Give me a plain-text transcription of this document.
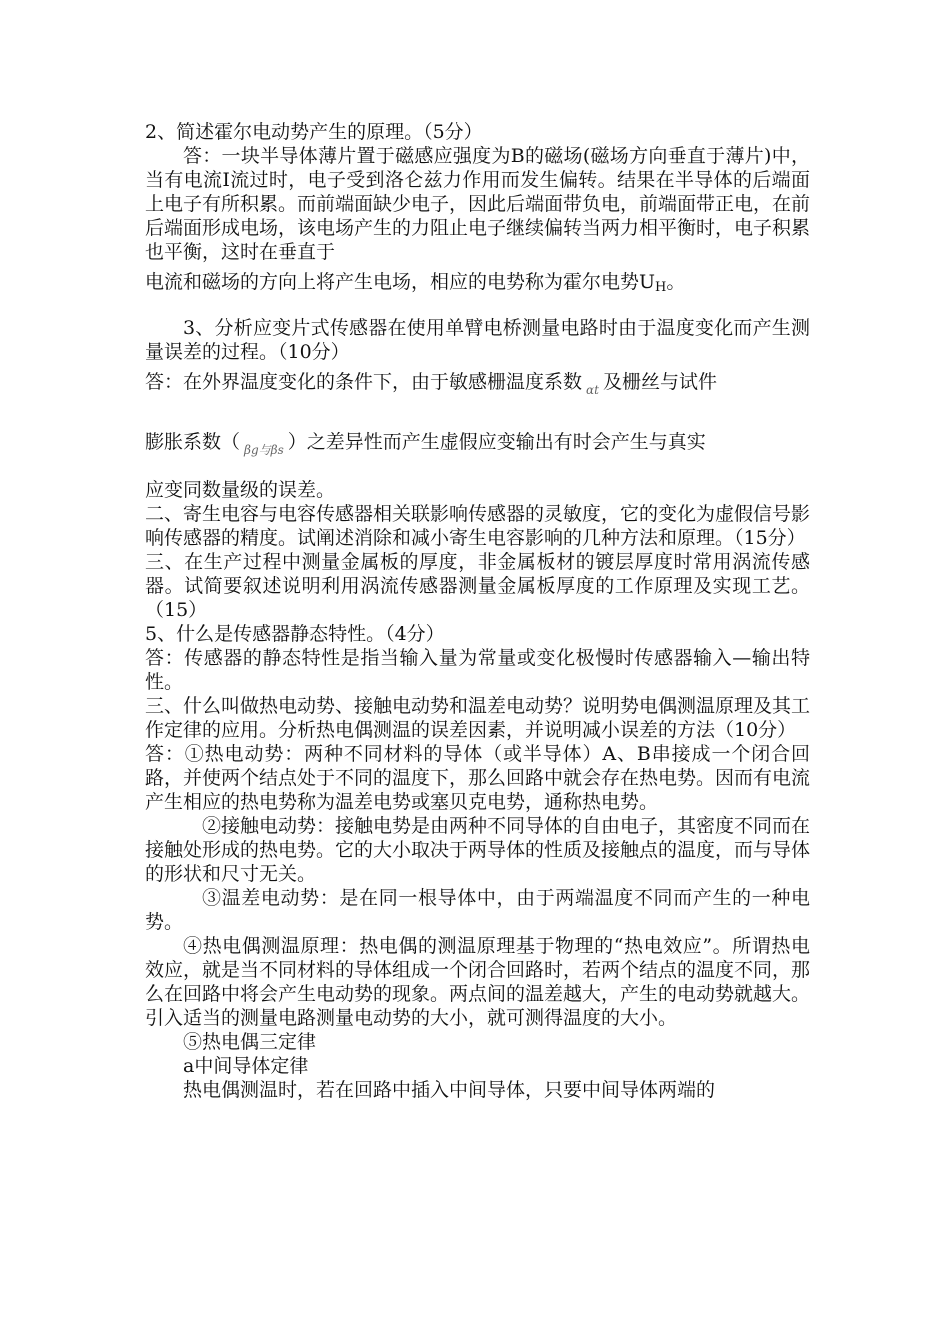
2、简述霍尔电动势产生的原理。（5分）

答：一块半导体薄片置于磁感应强度为B的磁场(磁场方向垂直于薄片)中，当有电流I流过时，电子受到洛仑兹力作用而发生偏转。结果在半导体的后端面上电子有所积累。而前端面缺少电子，因此后端面带负电，前端面带正电，在前后端面形成电场，该电场产生的力阻止电子继续偏转当两力相平衡时，电子积累也平衡，这时在垂直于

电流和磁场的方向上将产生电场，相应的电势称为霍尔电势UH。

3、分析应变片式传感器在使用单臂电桥测量电路时由于温度变化而产生测量误差的过程。（10分）

答：在外界温度变化的条件下，由于敏感栅温度系数 $_{\alpha t}$ 及栅丝与试件

膨胀系数（ $_{\beta g与\beta s}$ ）之差异性而产生虚假应变输出有时会产生与真实

应变同数量级的误差。

二、寄生电容与电容传感器相关联影响传感器的灵敏度，它的变化为虚假信号影响传感器的精度。试阐述消除和减小寄生电容影响的几种方法和原理。（15分）

三、在生产过程中测量金属板的厚度，非金属板材的镀层厚度时常用涡流传感器。试简要叙述说明利用涡流传感器测量金属板厚度的工作原理及实现工艺。（15）

5、什么是传感器静态特性。（4分）

答：传感器的静态特性是指当输入量为常量或变化极慢时传感器输入—输出特性。

三、什么叫做热电动势、接触电动势和温差电动势？说明势电偶测温原理及其工作定律的应用。分析热电偶测温的误差因素，并说明减小误差的方法（10分）

答：①热电动势：两种不同材料的导体（或半导体）A、B串接成一个闭合回路，并使两个结点处于不同的温度下，那么回路中就会存在热电势。因而有电流产生相应的热电势称为温差电势或塞贝克电势，通称热电势。

②接触电动势：接触电势是由两种不同导体的自由电子，其密度不同而在接触处形成的热电势。它的大小取决于两导体的性质及接触点的温度，而与导体的形状和尺寸无关。

③温差电动势：是在同一根导体中，由于两端温度不同而产生的一种电势。

④热电偶测温原理：热电偶的测温原理基于物理的“热电效应”。所谓热电效应，就是当不同材料的导体组成一个闭合回路时，若两个结点的温度不同，那么在回路中将会产生电动势的现象。两点间的温差越大，产生的电动势就越大。引入适当的测量电路测量电动势的大小，就可测得温度的大小。

⑤热电偶三定律

a中间导体定律

热电偶测温时，若在回路中插入中间导体，只要中间导体两端的
